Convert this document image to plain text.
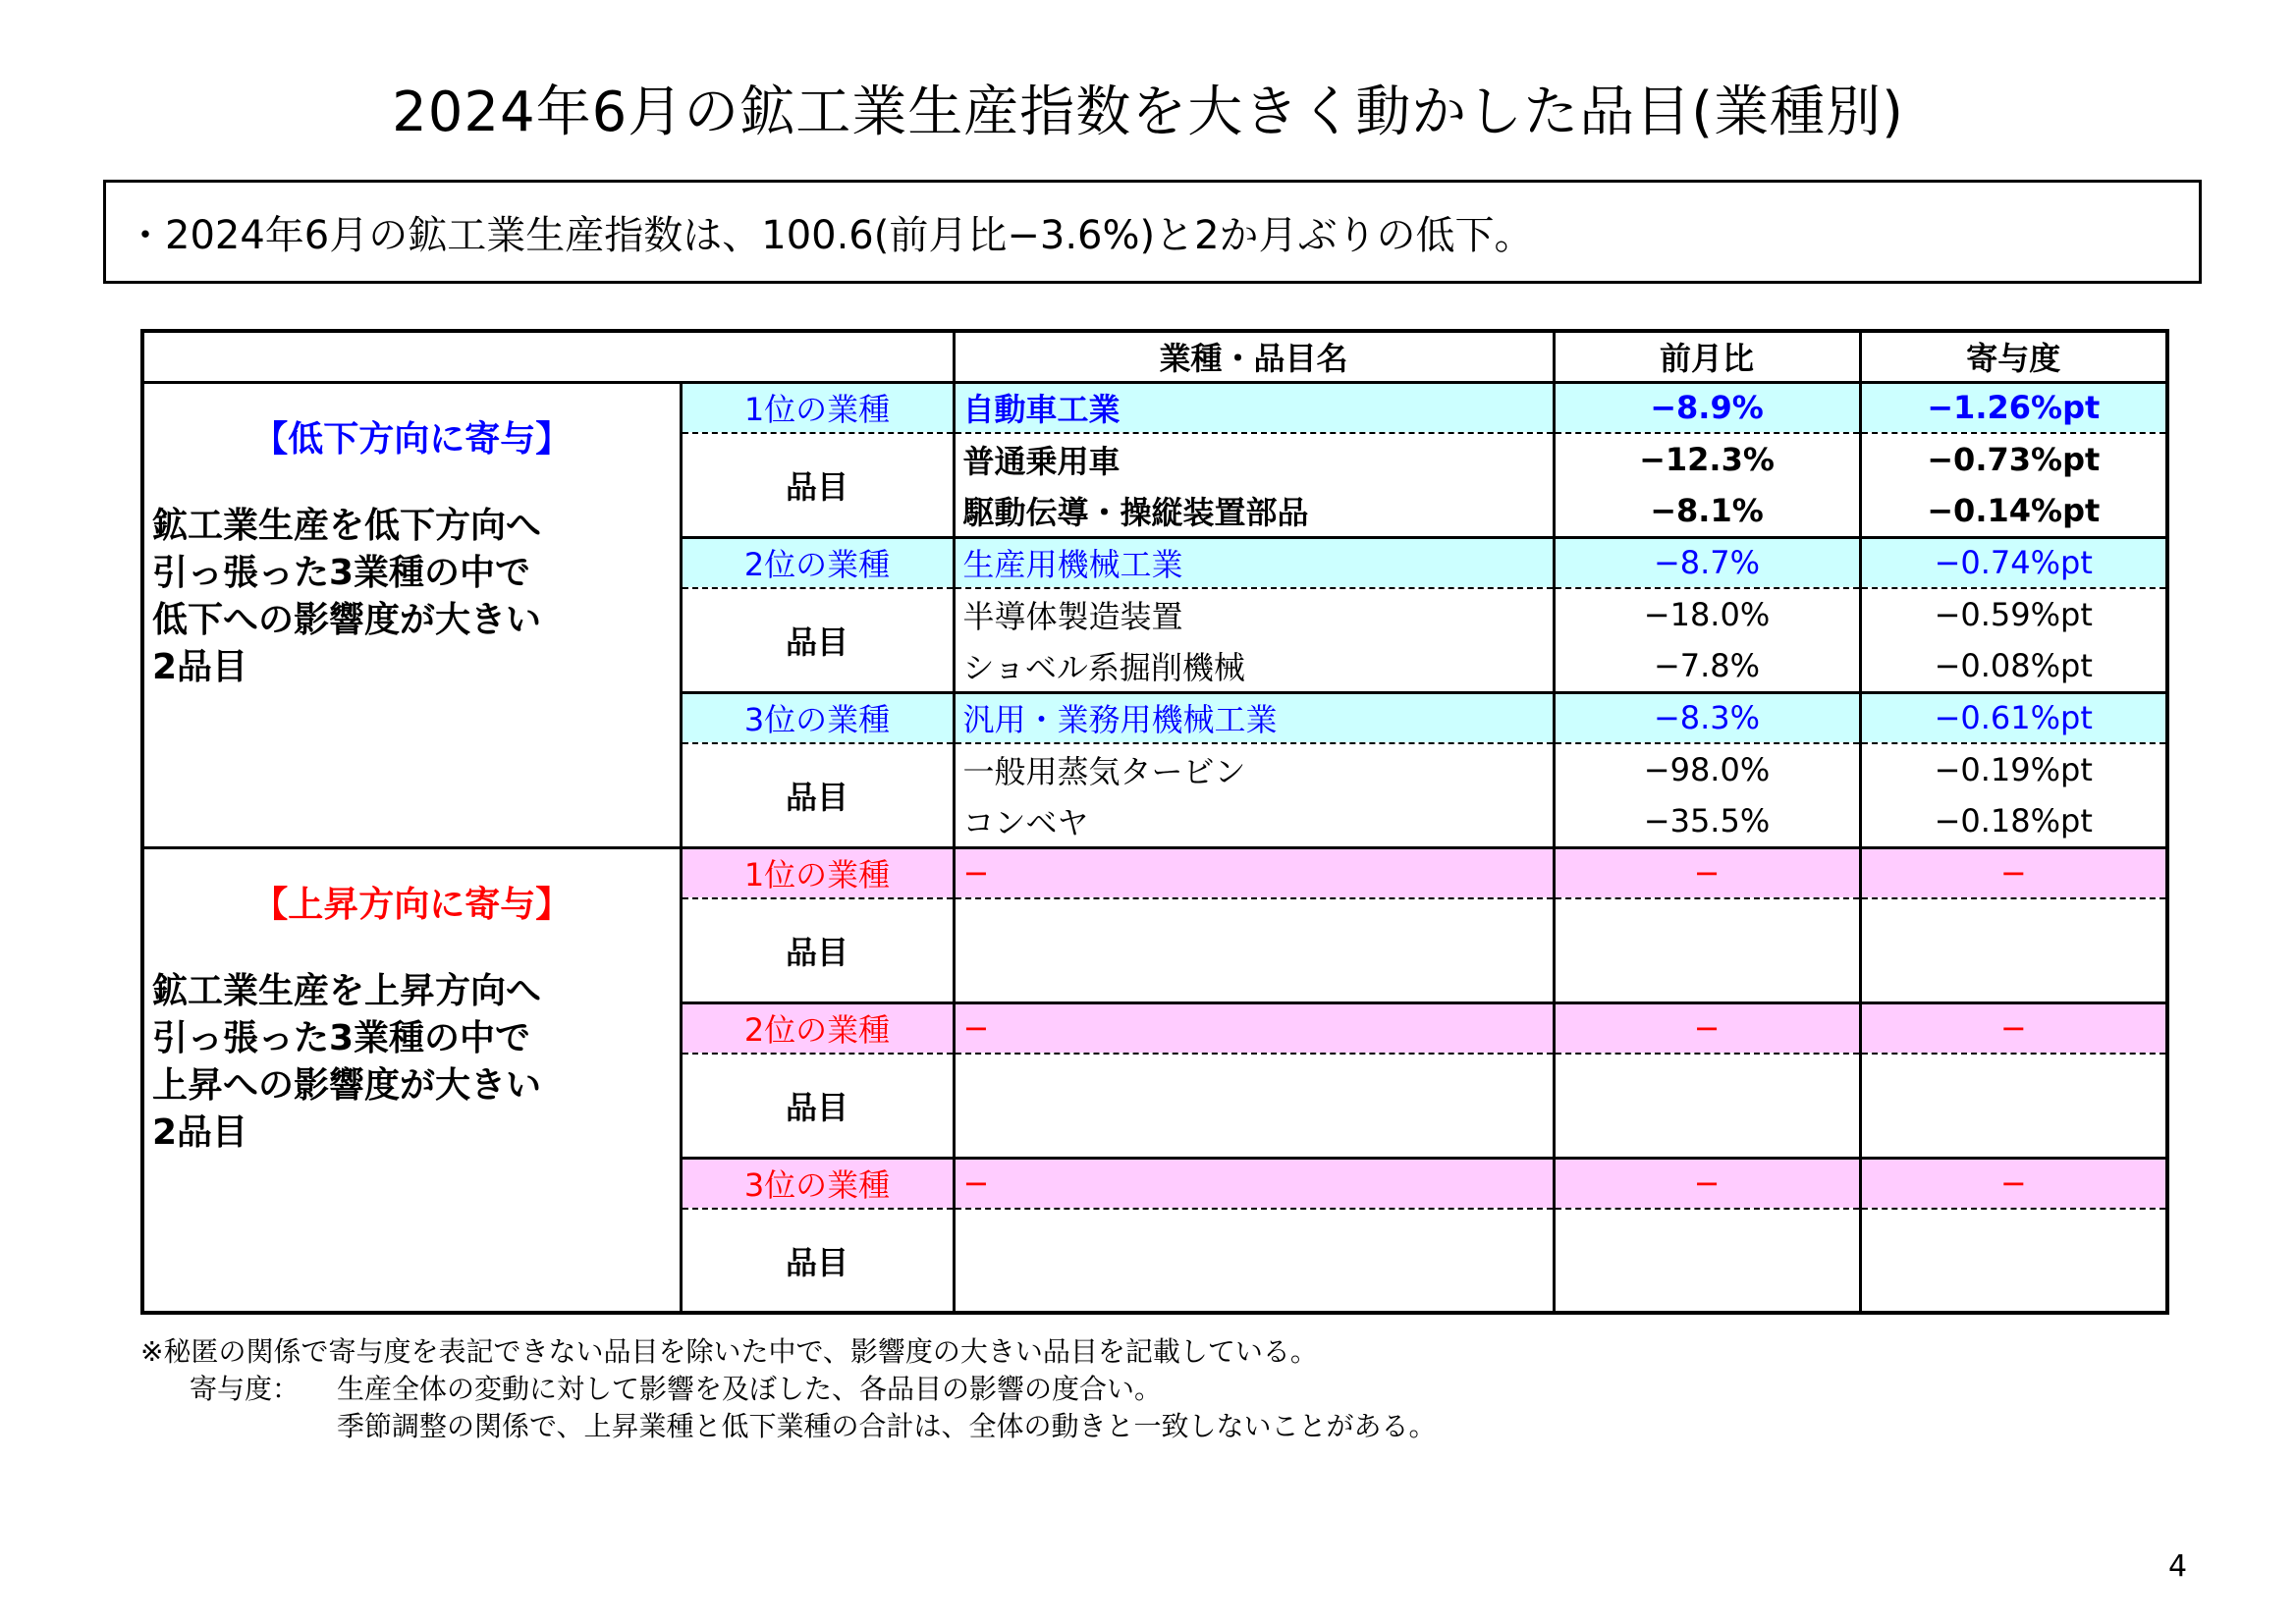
2024年6月の鉱工業生産指数を大きく動かした品目(業種別)
・2024年6月の鉱工業生産指数は、100.6(前月比−3.6%)と2か月ぶりの低下。
		業種・品目名	前月比	寄与度

【低下方向に寄与】
鉱工業生産を低下方向へ
引っ張った3業種の中で
低下への影響度が大きい
2品目	1位の業種	自動車工業	−8.9%	−1.26%pt
	品目	普通乗用車	−12.3%	−0.73%pt
		駆動伝導・操縦装置部品	−8.1%	−0.14%pt
	2位の業種	生産用機械工業	−8.7%	−0.74%pt
	品目	半導体製造装置	−18.0%	−0.59%pt
		ショベル系掘削機械	−7.8%	−0.08%pt
	3位の業種	汎用・業務用機械工業	−8.3%	−0.61%pt
	品目	一般用蒸気タービン	−98.0%	−0.19%pt
		コンベヤ	−35.5%	−0.18%pt

【上昇方向に寄与】
鉱工業生産を上昇方向へ
引っ張った3業種の中で
上昇への影響度が大きい
2品目	1位の業種	−	−	−
	品目			
	2位の業種	−	−	−
	品目			
	3位の業種	−	−	−
	品目			
※秘匿の関係で寄与度を表記できない品目を除いた中で、影響度の大きい品目を記載している。
寄与度：	生産全体の変動に対して影響を及ぼした、各品目の影響の度合い。
季節調整の関係で、上昇業種と低下業種の合計は、全体の動きと一致しないことがある。
4
